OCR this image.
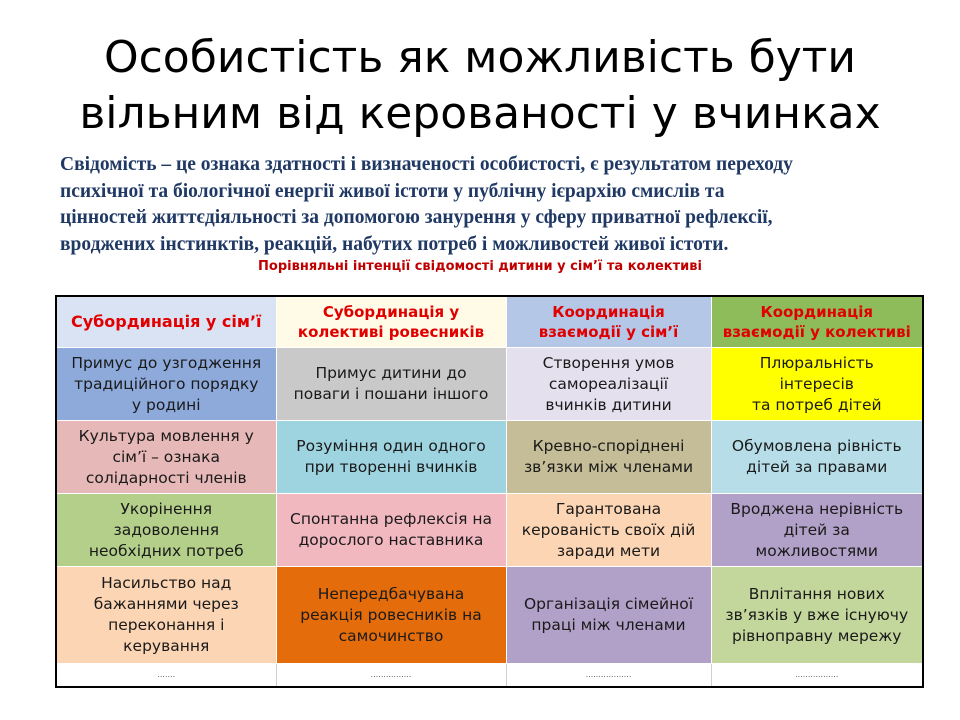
Особистість як можливість бути
вільним від керованості у вчинках
Свідомість – це ознака здатності і визначеності особистості, є результатом переходу
психічної та біологічної енергії живої істоти у публічну ієрархію смислів та
цінностей життєдіяльності за допомогою занурення у сферу приватної рефлексії,
вроджених інстинктів, реакцій, набутих потреб і можливостей живої істоти.
Порівняльні інтенції свідомості дитини у сім’ї та колективі
Субординація у сім’ї	Субординація у
колективі ровесників	Координація
взаємодії у сім’ї	Координація
взаємодії у колективі

Примус до узгодження
традиційного порядку
у родині	Примус дитини до
поваги і пошани іншого	Створення умов
самореалізації
вчинків дитини	Плюральність
інтересів
та потреб дітей

Культура мовлення у
сім’ї – ознака
солідарності членів	Розуміння один одного
при творенні вчинків	Кревно-споріднені
зв’язки між членами	Обумовлена рівність
дітей за правами

Укорінення
задоволення
необхідних потреб	Спонтанна рефлексія на
дорослого наставника	Гарантована
керованість своїх дій
заради мети	Вроджена нерівність
дітей за
можливостями

Насильство над
бажаннями через
переконання і
керування	Непередбачувана
реакція ровесників на
самочинство	Організація сімейної
праці між членами	Вплітання нових
зв’язків у вже існуючу
рівноправну мережу

.......	................	..................	.................
